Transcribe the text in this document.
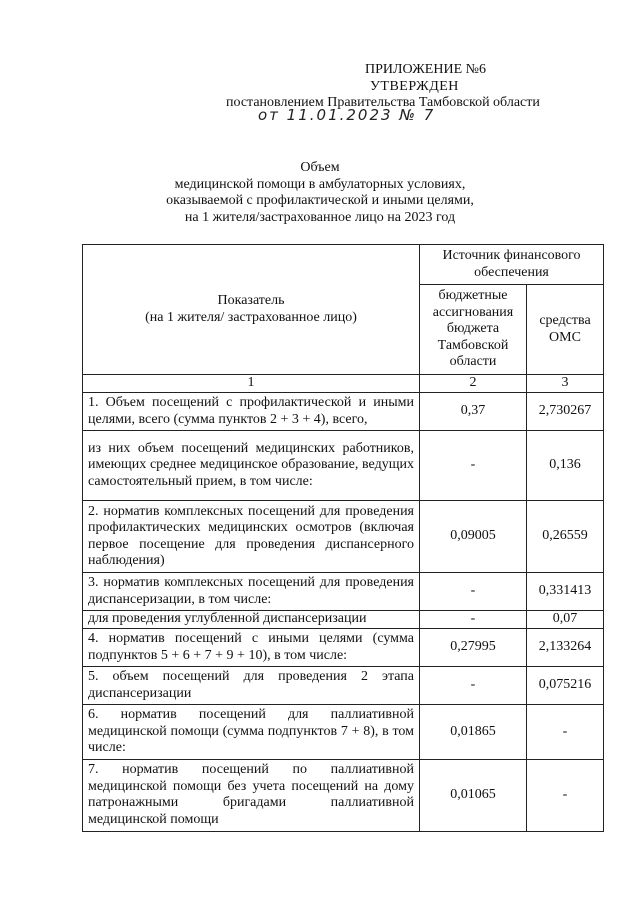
ПРИЛОЖЕНИЕ №6
УТВЕРЖДЕН
постановлением Правительства Тамбовской области
от 11.01.2023 № 7
Объем
медицинской помощи в амбулаторных условиях,
оказываемой с профилактической и иными целями,
на 1 жителя/застрахованное лицо на 2023 год
Показатель
(на 1 жителя/ застрахованное лицо)	Источник финансового обеспечения	
	бюджетные ассигнования бюджета Тамбовской области	средства ОМС
1	2	3
1. Объем посещений с профилактической и иными целями, всего (сумма пунктов 2 + 3 + 4), всего,	0,37	2,730267
из них объем посещений медицинских работников, имеющих среднее медицинское образование, ведущих самостоятельный прием, в том числе:	-	0,136
2. норматив комплексных посещений для проведения профилактических медицинских осмотров (включая первое посещение для проведения диспансерного наблюдения)	0,09005	0,26559
3. норматив комплексных посещений для проведения диспансеризации, в том числе:	-	0,331413
для проведения углубленной диспансеризации	-	0,07
4. норматив посещений с иными целями (сумма подпунктов 5 + 6 + 7 + 9 + 10), в том числе:	0,27995	2,133264
5. объем посещений для проведения 2 этапа диспансеризации	-	0,075216
6. норматив посещений для паллиативной медицинской помощи (сумма подпунктов 7 + 8), в том числе:	0,01865	-
7. норматив посещений по паллиативной медицинской помощи без учета посещений на дому патронажными бригадами паллиативной медицинской помощи	0,01065	-
